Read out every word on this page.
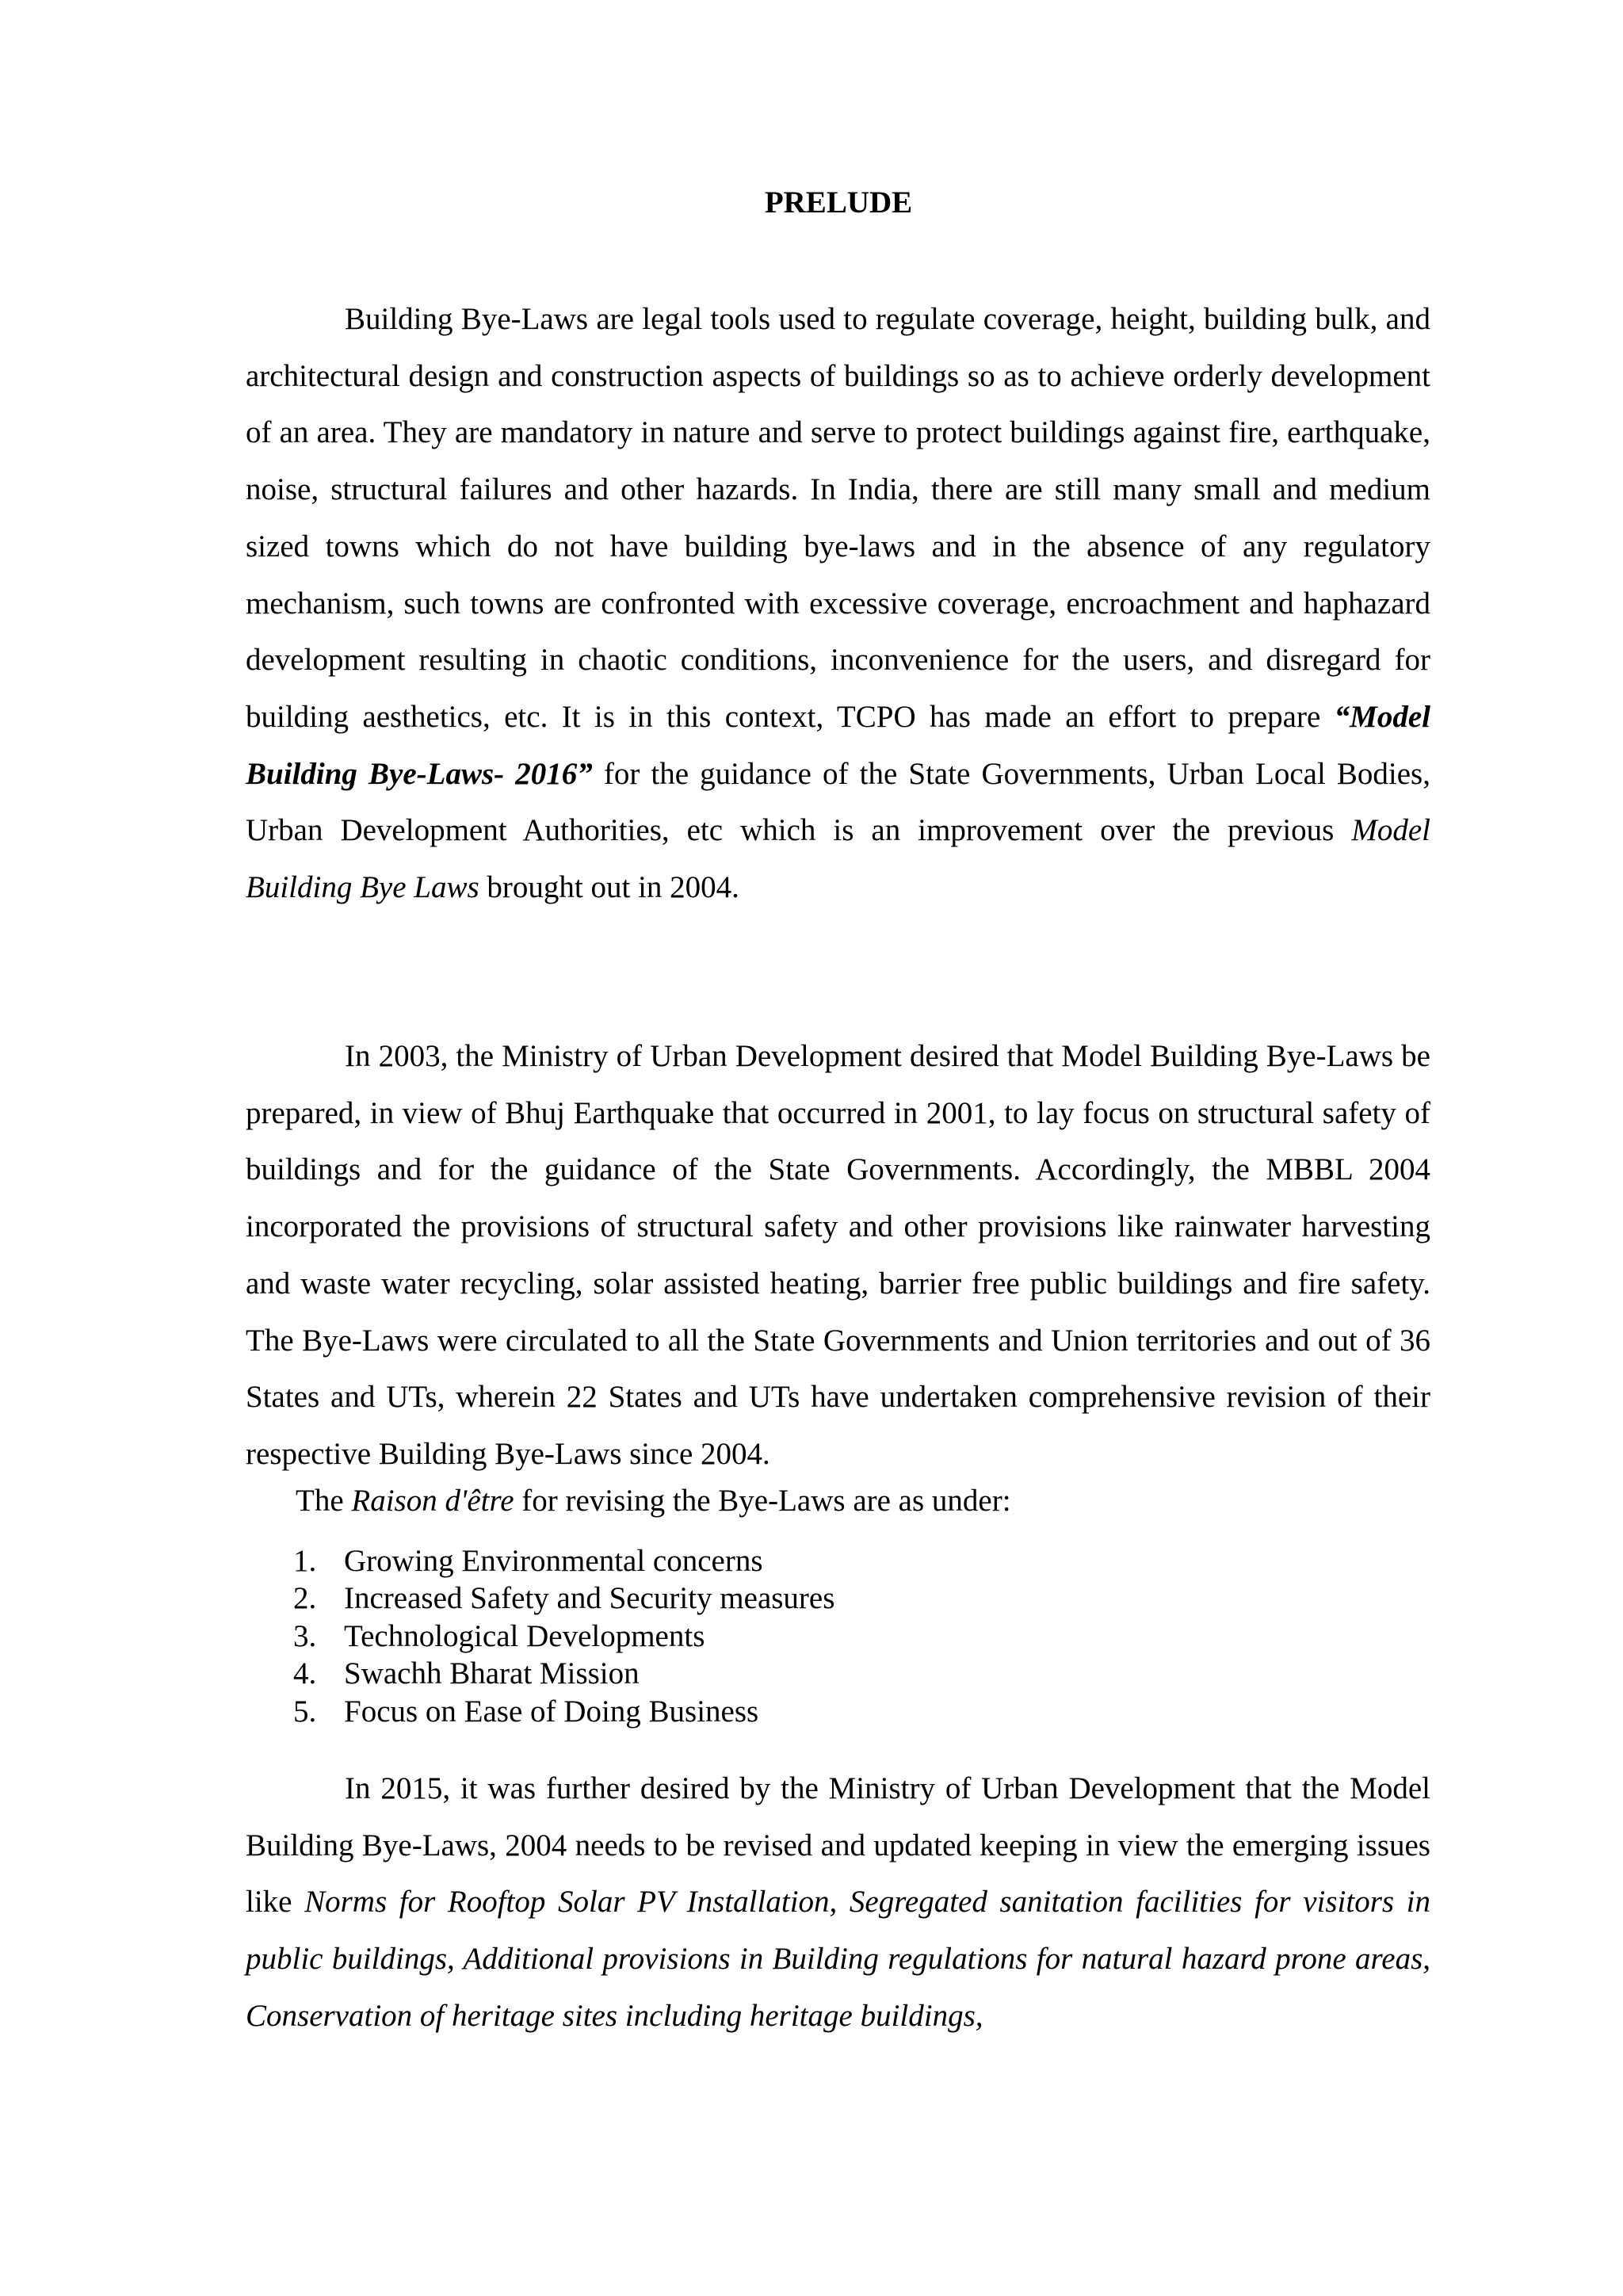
PRELUDE

Building Bye-Laws are legal tools used to regulate coverage, height, building bulk, and architectural design and construction aspects of buildings so as to achieve orderly development of an area. They are mandatory in nature and serve to protect buildings against fire, earthquake, noise, structural failures and other hazards. In India, there are still many small and medium sized towns which do not have building bye-laws and in the absence of any regulatory mechanism, such towns are confronted with excessive coverage, encroachment and haphazard development resulting in chaotic conditions, inconvenience for the users, and disregard for building aesthetics, etc. It is in this context, TCPO has made an effort to prepare “Model Building Bye-Laws- 2016” for the guidance of the State Governments, Urban Local Bodies, Urban Development Authorities, etc which is an improvement over the previous Model Building Bye Laws brought out in 2004.

In 2003, the Ministry of Urban Development desired that Model Building Bye-Laws be prepared, in view of Bhuj Earthquake that occurred in 2001, to lay focus on structural safety of buildings and for the guidance of the State Governments. Accordingly, the MBBL 2004 incorporated the provisions of structural safety and other provisions like rainwater harvesting and waste water recycling, solar assisted heating, barrier free public buildings and fire safety. The Bye-Laws were circulated to all the State Governments and Union territories and out of 36 States and UTs, wherein 22 States and UTs have undertaken comprehensive revision of their respective Building Bye-Laws since 2004.

The Raison d'être for revising the Bye-Laws are as under:

1. Growing Environmental concerns
2. Increased Safety and Security measures
3. Technological Developments
4. Swachh Bharat Mission
5. Focus on Ease of Doing Business

In 2015, it was further desired by the Ministry of Urban Development that the Model Building Bye-Laws, 2004 needs to be revised and updated keeping in view the emerging issues like Norms for Rooftop Solar PV Installation, Segregated sanitation facilities for visitors in public buildings, Additional provisions in Building regulations for natural hazard prone areas, Conservation of heritage sites including heritage buildings,
